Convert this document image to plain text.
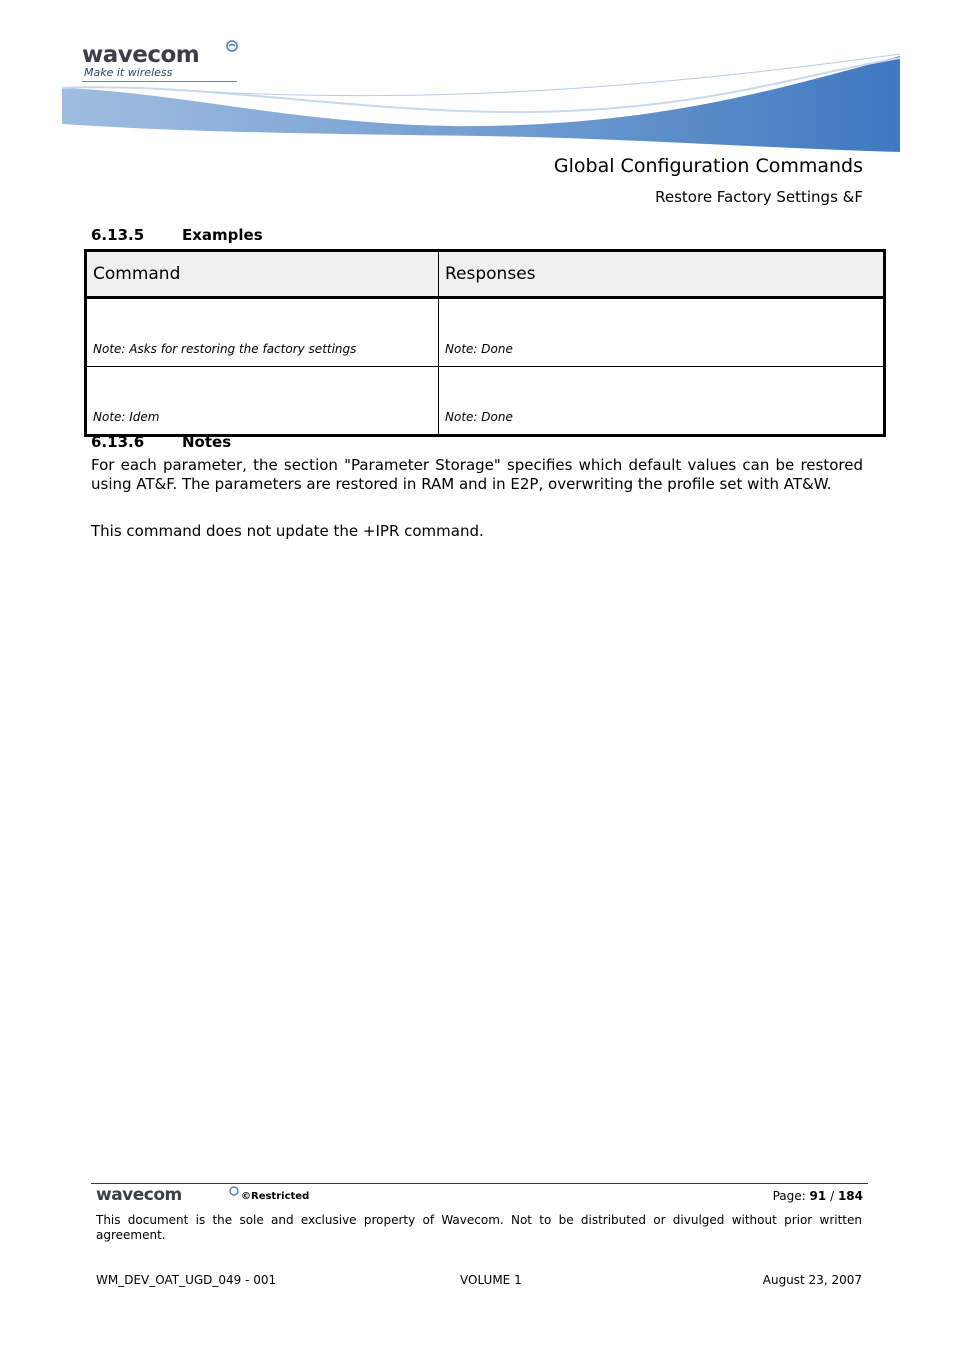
wavecom
Make it wireless
Global Configuration Commands
Restore Factory Settings &F
6.13.5	Examples
Command	Responses
Note: Asks for restoring the factory settings	Note: Done
Note: Idem	Note: Done
6.13.6	Notes

For each parameter, the section "Parameter Storage" specifies which default values can be restored using AT&F. The parameters are restored in RAM and in E2P, overwriting the profile set with AT&W.

This command does not update the +IPR command.

wavecom	©Restricted	Page: 91 / 184
This document is the sole and exclusive property of Wavecom. Not to be distributed or divulged without prior written agreement.
WM_DEV_OAT_UGD_049 - 001	VOLUME 1	August 23, 2007
